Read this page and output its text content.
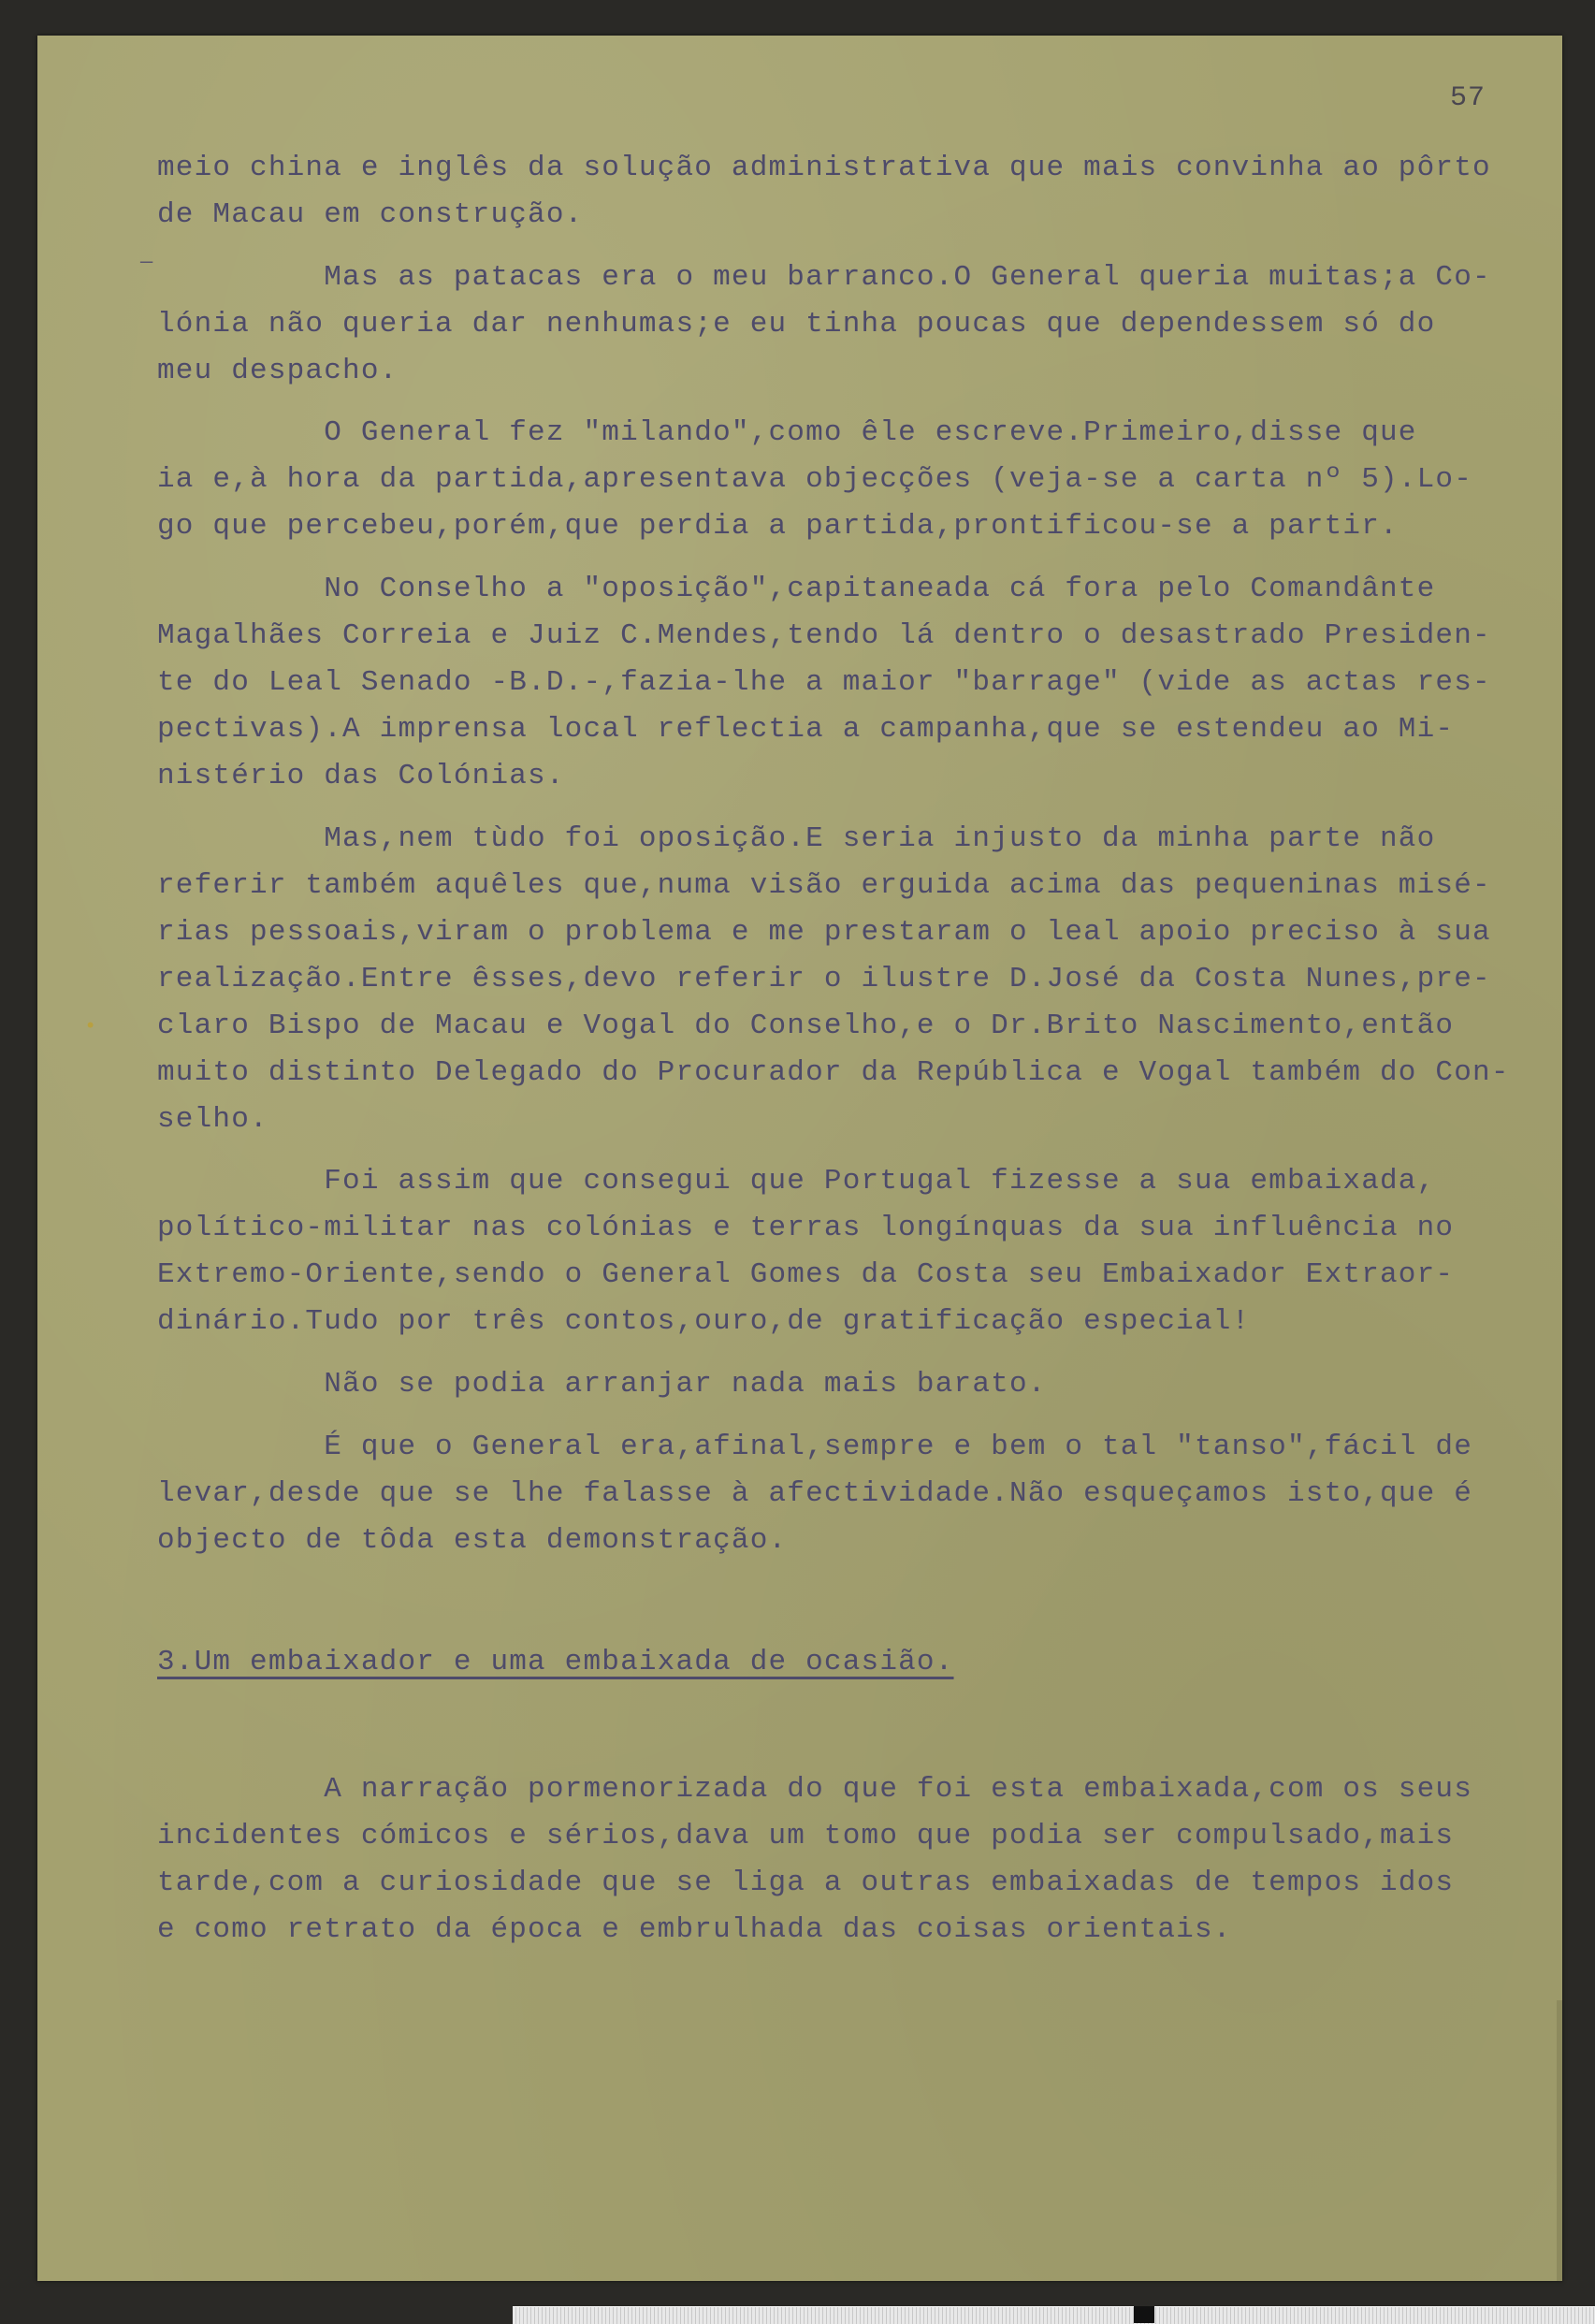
57
—
•
meio china e inglês da solução administrativa que mais convinha ao pôrto
de Macau em construção.
Mas as patacas era o meu barranco.O General queria muitas;a Co-
lónia não queria dar nenhumas;e eu tinha poucas que dependessem só do
meu despacho.
O General fez "milando",como êle escreve.Primeiro,disse que
ia e,à hora da partida,apresentava objecções (veja-se a carta nº 5).Lo-
go que percebeu,porém,que perdia a partida,prontificou-se a partir.
No Conselho a "oposição",capitaneada cá fora pelo Comandânte
Magalhães Correia e Juiz C.Mendes,tendo lá dentro o desastrado Presiden-
te do Leal Senado -B.D.-,fazia-lhe a maior "barrage" (vide as actas res-
pectivas).A imprensa local reflectia a campanha,que se estendeu ao Mi-
nistério das Colónias.
Mas,nem tùdo foi oposição.E seria injusto da minha parte não
referir também aquêles que,numa visão erguida acima das pequeninas misé-
rias pessoais,viram o problema e me prestaram o leal apoio preciso à sua
realização.Entre êsses,devo referir o ilustre D.José da Costa Nunes,pre-
claro Bispo de Macau e Vogal do Conselho,e o Dr.Brito Nascimento,então
muito distinto Delegado do Procurador da República e Vogal também do Con-
selho.
Foi assim que consegui que Portugal fizesse a sua embaixada,
político-militar nas colónias e terras longínquas da sua influência no
Extremo-Oriente,sendo o General Gomes da Costa seu Embaixador Extraor-
dinário.Tudo por três contos,ouro,de gratificação especial!
Não se podia arranjar nada mais barato.
É que o General era,afinal,sempre e bem o tal "tanso",fácil de
levar,desde que se lhe falasse à afectividade.Não esqueçamos isto,que é
objecto de tôda esta demonstração.
3.Um embaixador e uma embaixada de ocasião.
A narração pormenorizada do que foi esta embaixada,com os seus
incidentes cómicos e sérios,dava um tomo que podia ser compulsado,mais
tarde,com a curiosidade que se liga a outras embaixadas de tempos idos
e como retrato da época e embrulhada das coisas orientais.
